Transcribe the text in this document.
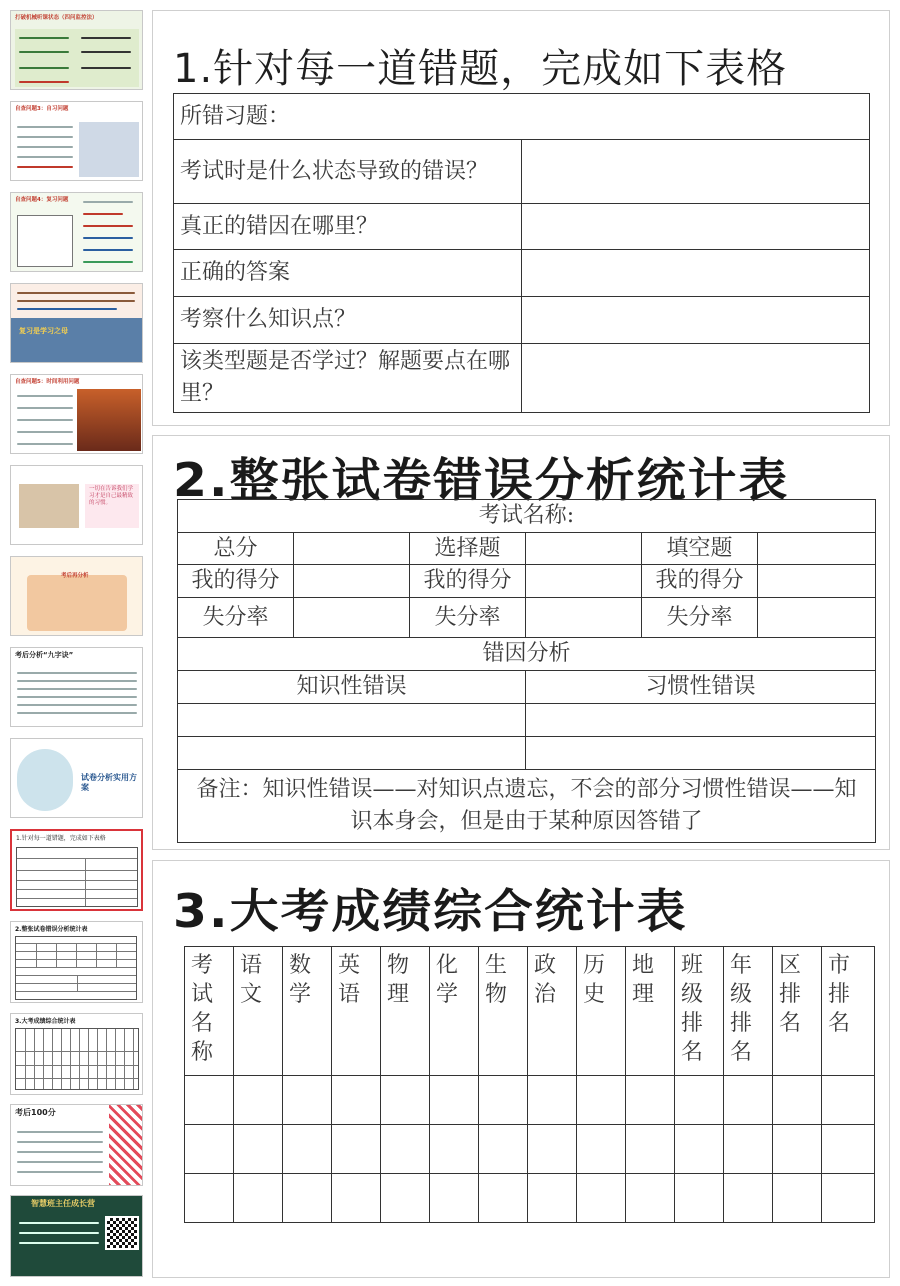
打破机械听课状态（四问监控法）
自查问题3：自习问题
自查问题4：复习问题
复习是学习之母
自查问题5：时间利用问题
一切在告诉我们学习才是自己最精致的习惯。
考后再分析
考后分析“九字诀”
试卷分析实用方案
1.针对每一道错题，完成如下表格
2.整张试卷错误分析统计表
3.大考成绩综合统计表
考后100分
智慧班主任成长营
1.针对每一道错题，完成如下表格
所错习题：	
考试时是什么状态导致的错误？	
真正的错因在哪里？	
正确的答案	
考察什么知识点？	
该类型题是否学过？解题要点在哪里？	
2.整张试卷错误分析统计表
考试名称:					
总分		选择题		填空题	
我的得分		我的得分		我的得分	
失分率		失分率		失分率	
错因分析					
知识性错误			习惯性错误		

备注：知识性错误——对知识点遗忘，不会的部分习惯性错误——知识本身会，但是由于某种原因答错了					
3.大考成绩综合统计表
考试名称	语文	数学	英语	物理	化学	生物	政治	历史	地理	班级排名	年级排名	区排名	市排名
